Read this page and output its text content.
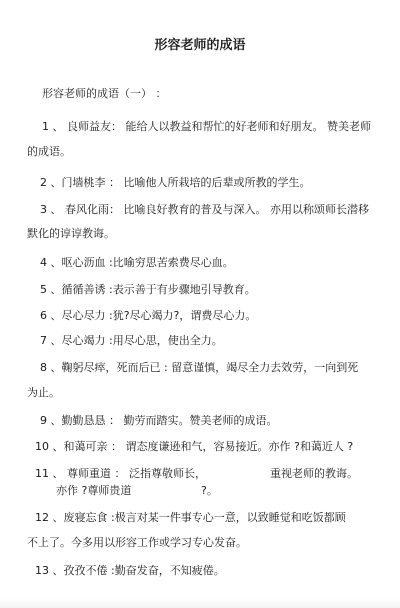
形容老师的成语
形容老师的成语（一） ：
1 、 良师益友： 能给人以教益和帮忙的好老师和好朋友。 赞美老师
的成语。
2 、门墙桃李 ： 比喻他人所栽培的后辈或所教的学生。
3 、 春风化雨： 比喻良好教育的普及与深入。 亦用以称颂师长潜移
默化的谆谆教诲。
4 、呕心沥血 :比喻穷思苦索费尽心血。
5 、循循善诱 :表示善于有步骤地引导教育。
6 、尽心尽力 :犹?尽心竭力?，谓费尽心力。
7 、尽心竭力 :用尽心思，使出全力。
8 、鞠躬尽瘁，死而后已 : 留意谨慎，竭尽全力去效劳，一向到死
为止。
9 、勤勤恳恳 ： 勤劳而踏实。赞美老师的成语。
10 、和蔼可亲 ： 谓态度谦逊和气，容易接近。亦作 ?和蔼近人 ?
11 、 尊师重道 ： 泛指尊敬师长，	重视老师的教诲。
亦作 ?尊师贵道	?。
12 、废寝忘食 :极言对某一件事专心一意，以致睡觉和吃饭都顾
不上了。今多用以形容工作或学习专心发奋。
13 、孜孜不倦 :勤奋发奋，不知疲倦。
